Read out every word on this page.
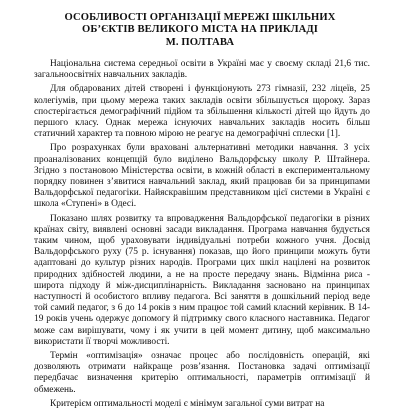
ОСОБЛИВОСТІ ОРГАНІЗАЦІЇ МЕРЕЖІ ШКІЛЬНИХ
ОБ’ЄКТІВ ВЕЛИКОГО МІСТА НА ПРИКЛАДІ
М. ПОЛТАВА

Національна система середньої освіти в Україні має у своєму складі 21,6 тис. загальноосвітніх навчальних закладів.

Для обдарованих дітей створені і функціонують 273 гімназії, 232 ліцеїв, 25 колегіумів, при цьому мережа таких закладів освіти збільшується щороку. Зараз спостерігається демографічний підйом та збільшення кількості дітей що йдуть до першого класу. Однак мережа існуючих навчальних закладів носить більш статичний характер та повною мірою не реагує на демографічні сплески [1].

Про розрахунках були враховані альтернативні методики навчання. З усіх проаналізованих концепцій було виділено Вальдорфську школу Р. Штайнера. Згідно з постановою Міністерства освіти, в кожній області в експериментальному порядку повинен з’явитися навчальний заклад, який працював би за принципами Вальдорфської педагогіки. Найяскравішим представником цієї системи в Україні є школа «Ступені» в Одесі.

Показано шлях розвитку та впровадження Вальдорфської педагогіки в різних країнах світу, виявлені основні засади викладання. Програма навчання будується таким чином, щоб ураховувати індивідуальні потреби кожного учня. Досвід Вальдорфського руху (75 р. існування) показав, що його принципи можуть бути адаптовані до культур різних народів. Програми цих шкіл націлені на розвиток природних здібностей людини, а не на просте передачу знань. Відмінна риса - широта підходу й між-дисциплінарність. Викладання засновано на принципах наступності й особистого впливу педагога. Всі заняття в дошкільний період ведe той самий педагог, з 6 до 14 років з ним працює той самий класний керівник. В 14-19 років учень одержує допомогу й підтримку свого класного наставника. Педагог може сам вирішувати, чому і як учити в цей момент дитину, щоб максимально використати її творчі можливості.

Термін «оптимізація» означає процес або послідовність операцій, які дозволяють отримати найкраще розв’язання. Постановка задачі оптимізації передбачає визначення критерію оптимальності, параметрів оптимізації й обмежень.

Критерієм оптимальності моделі є мінімум загальної суми витрат на
